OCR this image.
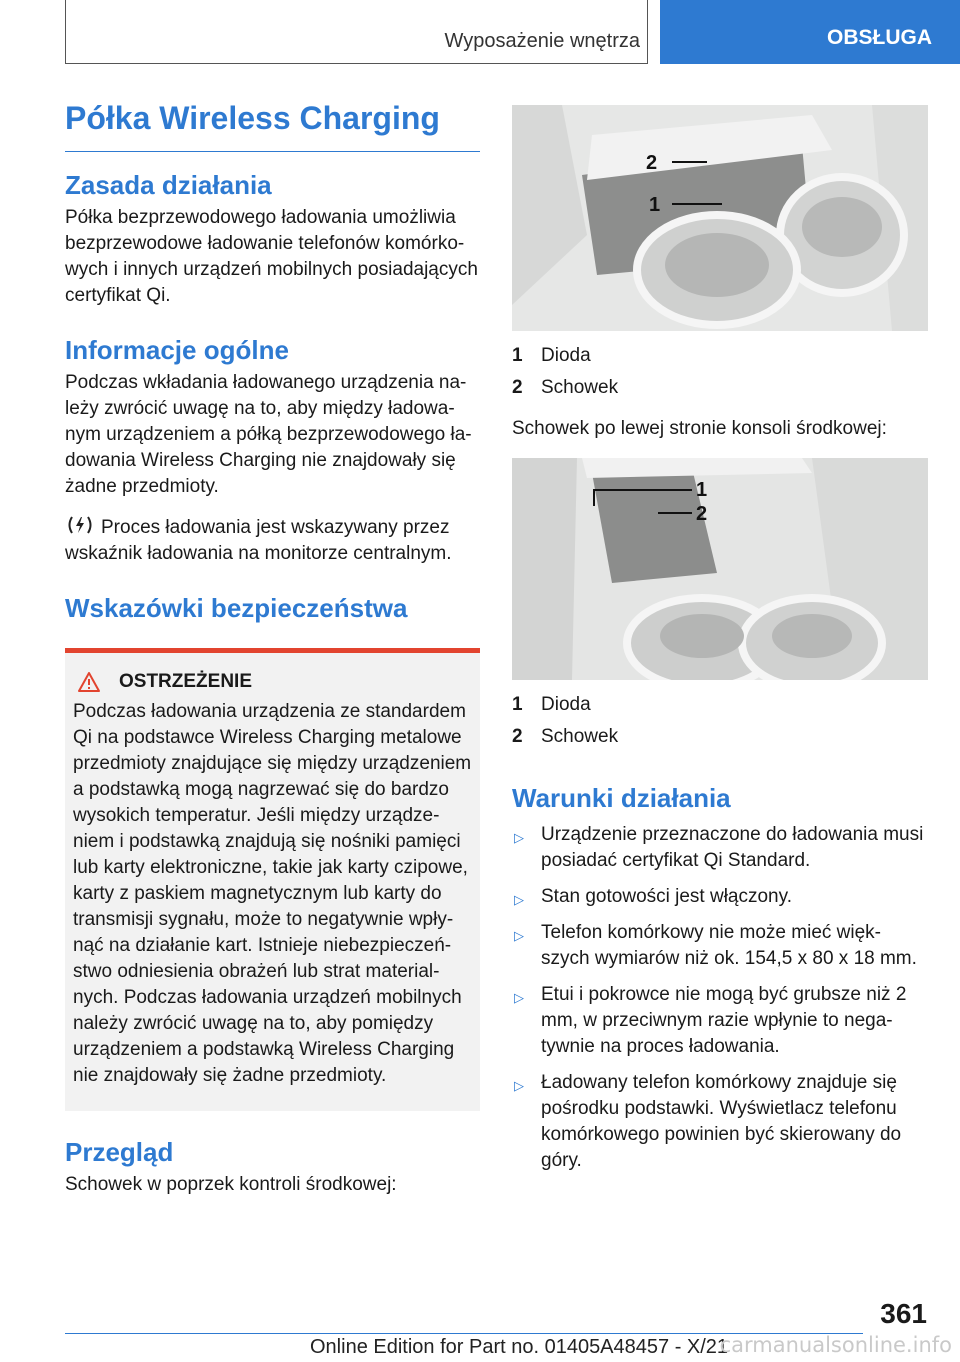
Wyposażenie wnętrza	OBSŁUGA
Półka Wireless Charging
Zasada działania

Półka bezprzewodowego ładowania umożliwia bezprzewodowe ładowanie telefonów komórko-wych i innych urządzeń mobilnych posiadających certyfikat Qi.

Informacje ogólne

Podczas wkładania ładowanego urządzenia na-leży zwrócić uwagę na to, aby między ładowa-nym urządzeniem a półką bezprzewodowego ła-dowania Wireless Charging nie znajdowały się żadne przedmioty.

Proces ładowania jest wskazywany przez wskaźnik ładowania na monitorze centralnym.

Wskazówki bezpieczeństwa
OSTRZEŻENIE

Podczas ładowania urządzenia ze standardem Qi na podstawce Wireless Charging metalowe przedmioty znajdujące się między urządzeniem a podstawką mogą nagrzewać się do bardzo wysokich temperatur. Jeśli między urządze-niem i podstawką znajdują się nośniki pamięci lub karty elektroniczne, takie jak karty czipowe, karty z paskiem magnetycznym lub karty do transmisji sygnału, może to negatywnie wpły-nąć na działanie kart. Istnieje niebezpieczeń-stwo odniesienia obrażeń lub strat material-nych. Podczas ładowania urządzeń mobilnych należy zwrócić uwagę na to, aby pomiędzy urządzeniem a podstawką Wireless Charging nie znajdowały się żadne przedmioty.

Przegląd

Schowek w poprzek kontroli środkowej:

2
1
1 Dioda
2 Schowek

Schowek po lewej stronie konsoli środkowej:

1
2
1 Dioda
2 Schowek
Warunki działania
▷ Urządzenie przeznaczone do ładowania musi posiadać certyfikat Qi Standard.
▷ Stan gotowości jest włączony.
▷ Telefon komórkowy nie może mieć więk-szych wymiarów niż ok. 154,5 x 80 x 18 mm.
▷ Etui i pokrowce nie mogą być grubsze niż 2 mm, w przeciwnym razie wpłynie to nega-tywnie na proces ładowania.
▷ Ładowany telefon komórkowy znajduje się pośrodku podstawki. Wyświetlacz telefonu komórkowego powinien być skierowany do góry.
361
Online Edition for Part no. 01405A48457 - X/21
carmanualsonline.info
